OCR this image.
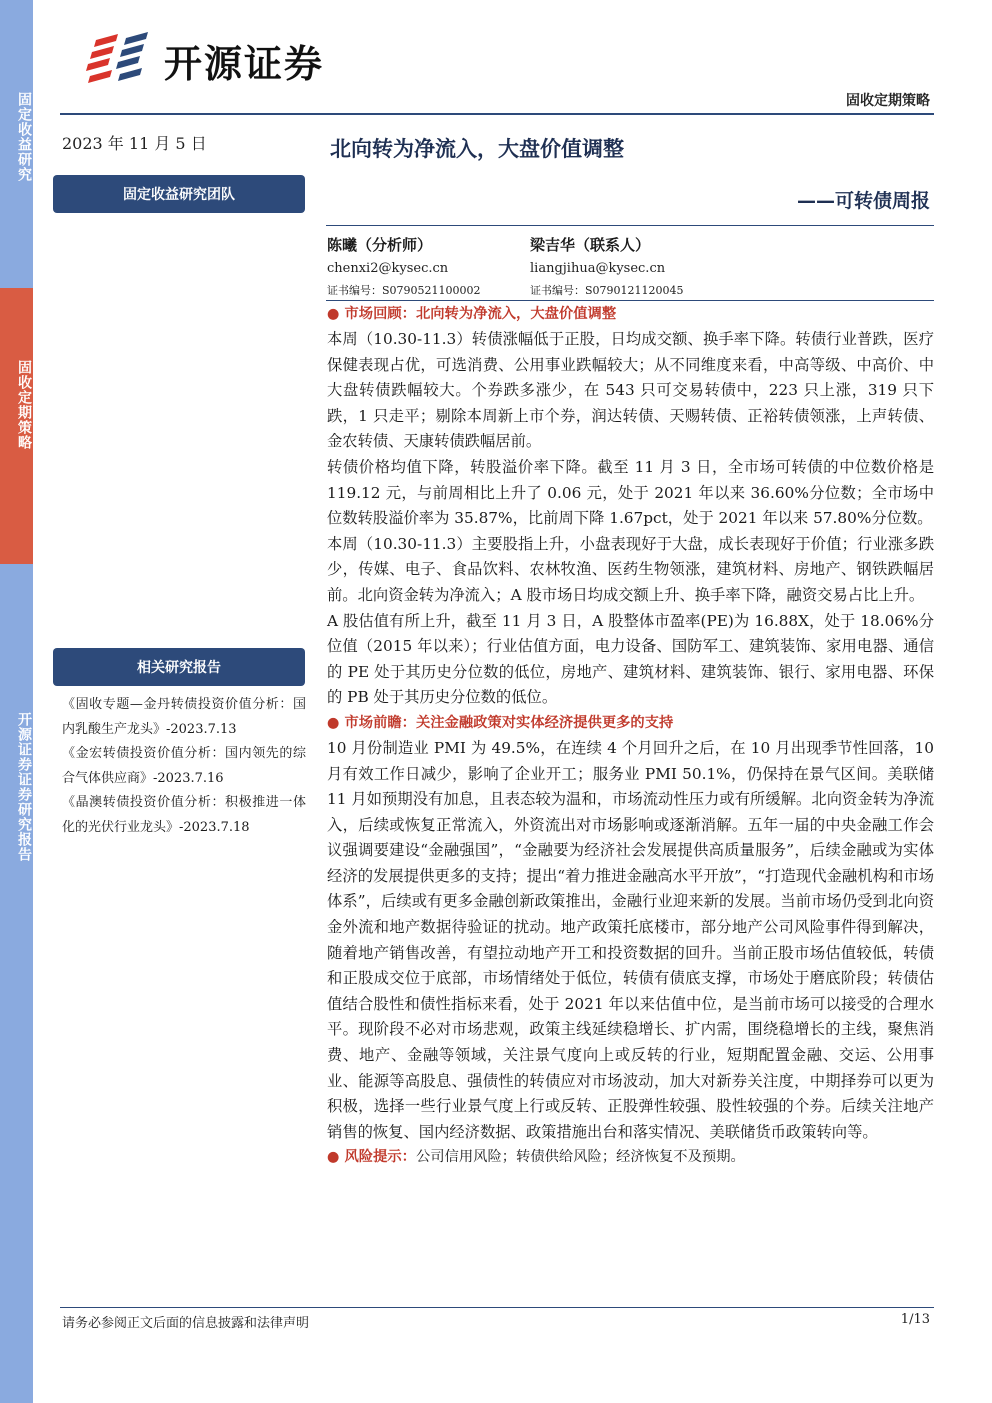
固定收益研究
固收定期策略
开源证券证券研究报告
开源证券
固收定期策略
2023 年 11 月 5 日
固定收益研究团队
相关研究报告

《固收专题—金丹转债投资价值分析：国内乳酸生产龙头》-2023.7.13

《金宏转债投资价值分析：国内领先的综合气体供应商》-2023.7.16

《晶澳转债投资价值分析：积极推进一体化的光伏行业龙头》-2023.7.18

北向转为净流入，大盘价值调整
——可转债周报
陈曦（分析师）
chenxi2@kysec.cn
证书编号：S0790521100002
梁吉华（联系人）
liangjihua@kysec.cn
证书编号：S0790121120045
● 市场回顾：北向转为净流入，大盘价值调整

本周（10.30-11.3）转债涨幅低于正股，日均成交额、换手率下降。转债行业普跌，医疗保健表现占优，可选消费、公用事业跌幅较大；从不同维度来看，中高等级、中高价、中大盘转债跌幅较大。个券跌多涨少，在 543 只可交易转债中，223 只上涨，319 只下跌，1 只走平；剔除本周新上市个券，润达转债、天赐转债、正裕转债领涨，上声转债、金农转债、天康转债跌幅居前。

转债价格均值下降，转股溢价率下降。截至 11 月 3 日，全市场可转债的中位数价格是 119.12 元，与前周相比上升了 0.06 元，处于 2021 年以来 36.60%分位数；全市场中位数转股溢价率为 35.87%，比前周下降 1.67pct，处于 2021 年以来 57.80%分位数。

本周（10.30-11.3）主要股指上升，小盘表现好于大盘，成长表现好于价值；行业涨多跌少，传媒、电子、食品饮料、农林牧渔、医药生物领涨，建筑材料、房地产、钢铁跌幅居前。北向资金转为净流入；A 股市场日均成交额上升、换手率下降，融资交易占比上升。

A 股估值有所上升，截至 11 月 3 日，A 股整体市盈率(PE)为 16.88X，处于 18.06%分位值（2015 年以来）；行业估值方面，电力设备、国防军工、建筑装饰、家用电器、通信的 PE 处于其历史分位数的低位，房地产、建筑材料、建筑装饰、银行、家用电器、环保的 PB 处于其历史分位数的低位。

● 市场前瞻：关注金融政策对实体经济提供更多的支持

10 月份制造业 PMI 为 49.5%，在连续 4 个月回升之后，在 10 月出现季节性回落，10 月有效工作日减少，影响了企业开工；服务业 PMI 50.1%，仍保持在景气区间。美联储 11 月如预期没有加息，且表态较为温和，市场流动性压力或有所缓解。北向资金转为净流入，后续或恢复正常流入，外资流出对市场影响或逐渐消解。五年一届的中央金融工作会议强调要建设“金融强国”，“金融要为经济社会发展提供高质量服务”，后续金融或为实体经济的发展提供更多的支持；提出“着力推进金融高水平开放”，“打造现代金融机构和市场体系”，后续或有更多金融创新政策推出，金融行业迎来新的发展。当前市场仍受到北向资金外流和地产数据待验证的扰动。地产政策托底楼市，部分地产公司风险事件得到解决，随着地产销售改善，有望拉动地产开工和投资数据的回升。当前正股市场估值较低，转债和正股成交位于底部，市场情绪处于低位，转债有债底支撑，市场处于磨底阶段；转债估值结合股性和债性指标来看，处于 2021 年以来估值中位，是当前市场可以接受的合理水平。现阶段不必对市场悲观，政策主线延续稳增长、扩内需，围绕稳增长的主线，聚焦消费、地产、金融等领域，关注景气度向上或反转的行业，短期配置金融、交运、公用事业、能源等高股息、强债性的转债应对市场波动，加大对新券关注度，中期择券可以更为积极，选择一些行业景气度上行或反转、正股弹性较强、股性较强的个券。后续关注地产销售的恢复、国内经济数据、政策措施出台和落实情况、美联储货币政策转向等。

● 风险提示：公司信用风险；转债供给风险；经济恢复不及预期。
请务必参阅正文后面的信息披露和法律声明	1/13
